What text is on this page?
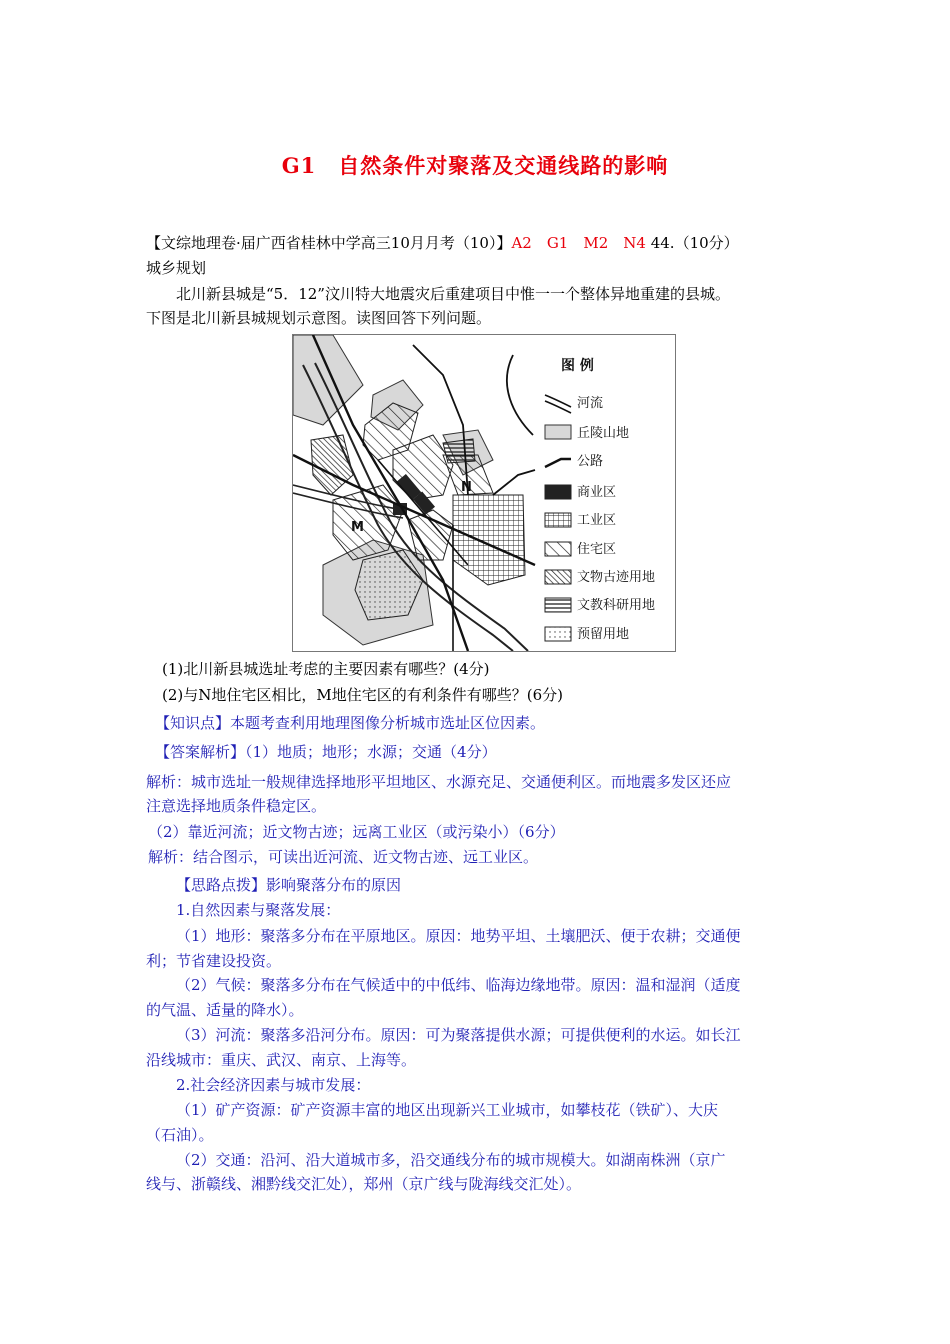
G1　自然条件对聚落及交通线路的影响
【文综地理卷·届广西省桂林中学高三10月月考（10）】A2　G1　M2　N4 44.（10分）
城乡规划
北川新县城是“5．12”汶川特大地震灾后重建项目中惟一一个整体异地重建的县城。
下图是北川新县城规划示意图。读图回答下列问题。
M
N
图 例
河流
丘陵山地
公路
商业区
工业区
住宅区
文物古迹用地
文教科研用地
预留用地
(1)北川新县城选址考虑的主要因素有哪些？(4分)
(2)与N地住宅区相比，M地住宅区的有利条件有哪些？(6分)
【知识点】本题考查利用地理图像分析城市选址区位因素。
【答案解析】（1）地质；地形；水源；交通（4分）
解析：城市选址一般规律选择地形平坦地区、水源充足、交通便利区。而地震多发区还应
注意选择地质条件稳定区。
（2）靠近河流；近文物古迹；远离工业区（或污染小）（6分）
解析：结合图示，可读出近河流、近文物古迹、远工业区。
【思路点拨】影响聚落分布的原因
1.自然因素与聚落发展：
（1）地形：聚落多分布在平原地区。原因：地势平坦、土壤肥沃、便于农耕；交通便
利；节省建设投资。
（2）气候：聚落多分布在气候适中的中低纬、临海边缘地带。原因：温和湿润（适度
的气温、适量的降水）。
（3）河流：聚落多沿河分布。原因：可为聚落提供水源；可提供便利的水运。如长江
沿线城市：重庆、武汉、南京、上海等。
2.社会经济因素与城市发展：
（1）矿产资源：矿产资源丰富的地区出现新兴工业城市，如攀枝花（铁矿）、大庆
（石油）。
（2）交通：沿河、沿大道城市多，沿交通线分布的城市规模大。如湖南株洲（京广
线与、浙赣线、湘黔线交汇处），郑州（京广线与陇海线交汇处）。
